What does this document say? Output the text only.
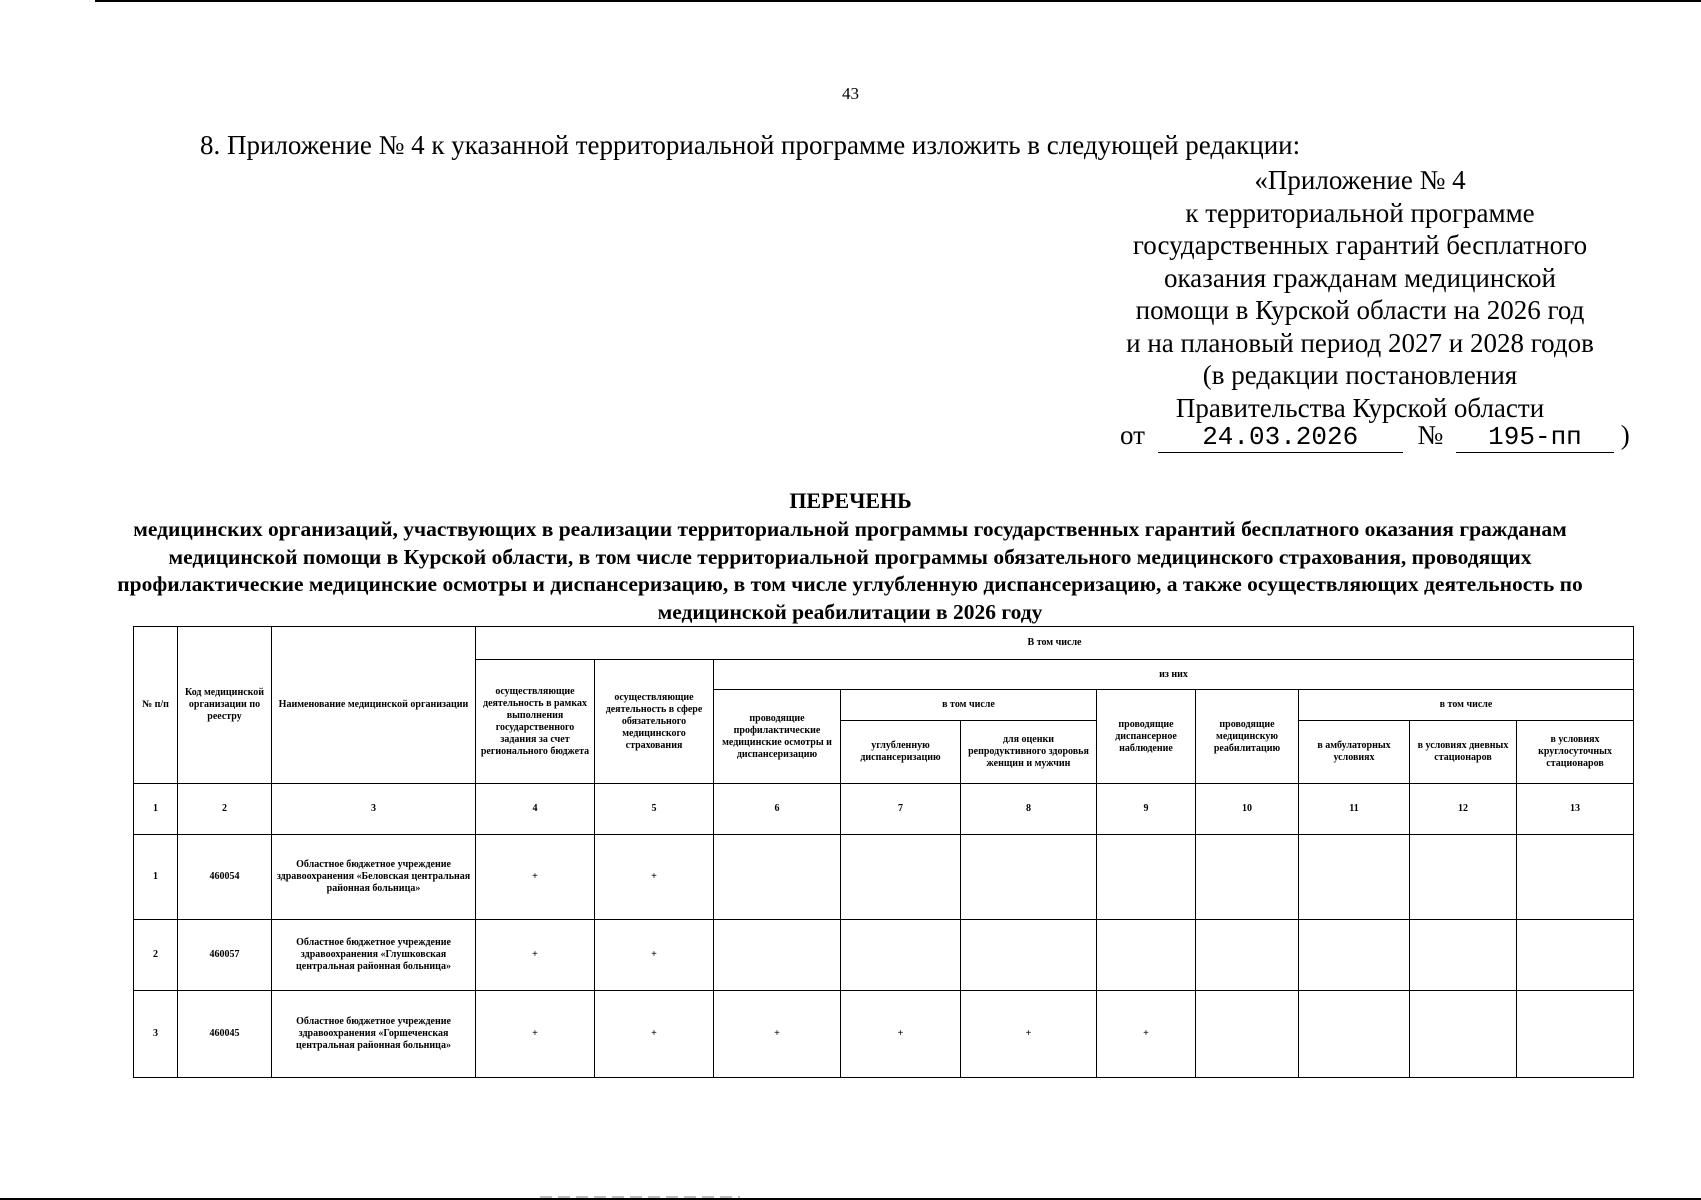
43
8. Приложение № 4 к указанной территориальной программе изложить в следующей редакции:
«Приложение № 4
к территориальной программе
государственных гарантий бесплатного
оказания гражданам медицинской
помощи в Курской области на 2026 год
и на плановый период 2027 и 2028 годов
(в редакции постановления
Правительства Курской области
от 24.03.2026 № 195-пп )
ПЕРЕЧЕНЬ
медицинских организаций, участвующих в реализации территориальной программы государственных гарантий бесплатного оказания гражданам медицинской помощи в Курской области, в том числе территориальной программы обязательного медицинского страхования, проводящих профилактические медицинские осмотры и диспансеризацию, в том числе углубленную диспансеризацию, а также осуществляющих деятельность по медицинской реабилитации в 2026 году
№ п/п	Код медицинской организации по реестру	Наименование медицинской организации	В том числе									
			осуществляющие деятельность в рамках выполнения государственного задания за счет регионального бюджета	осуществляющие деятельность в сфере обязательного медицинского страхования	из них							
					проводящие профилактические медицинские осмотры и диспансеризацию	в том числе		проводящие диспансерное наблюдение	проводящие медицинскую реабилитацию	в том числе		
						углубленную диспансеризацию	для оценки репродуктивного здоровья женщин и мужчин			в амбулаторных условиях	в условиях дневных стационаров	в условиях круглосуточных стационаров
1	2	3	4	5	6	7	8	9	10	11	12	13
1	460054	Областное бюджетное учреждение здравоохранения «Беловская центральная районная больница»	+	+								
2	460057	Областное бюджетное учреждение здравоохранения «Глушковская центральная районная больница»	+	+								
3	460045	Областное бюджетное учреждение здравоохранения «Горшеченская центральная районная больница»	+	+	+	+	+	+				
